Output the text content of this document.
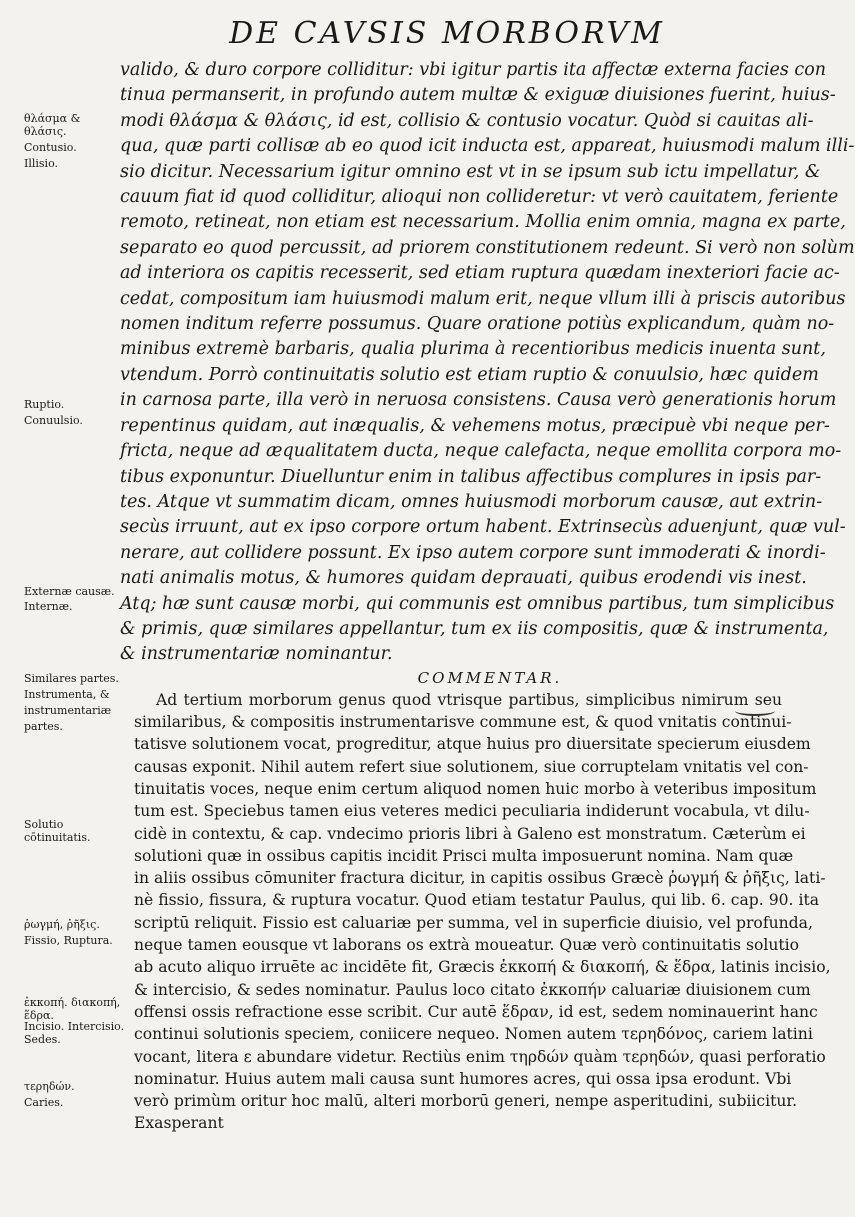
DE CAVSIS MORBORVM
θλάσμα & θλάσις.
Contusio.
Illisio.
Ruptio.
Conuulsio.
Externæ causæ.
Internæ.
Similares partes.
Instrumenta, &
instrumentariæ
partes.
Solutio cōtinuitatis.
ῥωγμή, ῥῆξις.
Fissio, Ruptura.
ἐκκοπή. διακοπή, ἕδρα.
Incisio. Intercisio. Sedes.
τερηδών.
Caries.
valido, & duro corpore colliditur: vbi igitur partis ita affectæ externa facies con
tinua permanserit, in profundo autem multæ & exiguæ diuisiones fuerint, huius-
modi θλάσμα & θλάσις, id est, collisio & contusio vocatur. Quòd si cauitas ali-
qua, quæ parti collisæ ab eo quod icit inducta est, appareat, huiusmodi malum illi-
sio dicitur. Necessarium igitur omnino est vt in se ipsum sub ictu impellatur, &
cauum fiat id quod colliditur, alioqui non collideretur: vt verò cauitatem, feriente
remoto, retineat, non etiam est necessarium. Mollia enim omnia, magna ex parte,
separato eo quod percussit, ad priorem constitutionem redeunt. Si verò non solùm
ad interiora os capitis recesserit, sed etiam ruptura quædam inexteriori facie ac-
cedat, compositum iam huiusmodi malum erit, neque vllum illi à priscis autoribus
nomen inditum referre possumus. Quare oratione potiùs explicandum, quàm no-
minibus extremè barbaris, qualia plurima à recentioribus medicis inuenta sunt,
vtendum. Porrò continuitatis solutio est etiam ruptio & conuulsio, hæc quidem
in carnosa parte, illa verò in neruosa consistens. Causa verò generationis horum
repentinus quidam, aut inæqualis, & vehemens motus, præcipuè vbi neque per-
fricta, neque ad æqualitatem ducta, neque calefacta, neque emollita corpora mo-
tibus exponuntur. Diuelluntur enim in talibus affectibus complures in ipsis par-
tes. Atque vt summatim dicam, omnes huiusmodi morborum causæ, aut extrin-
secùs irruunt, aut ex ipso corpore ortum habent. Extrinsecùs aduenjunt, quæ vul-
nerare, aut collidere possunt. Ex ipso autem corpore sunt immoderati & inordi-
nati animalis motus, & humores quidam deprauati, quibus erodendi vis inest.
Atq; hæ sunt causæ morbi, qui communis est omnibus partibus, tum simplicibus
& primis, quæ similares appellantur, tum ex iis compositis, quæ & instrumenta,
& instrumentariæ nominantur.
COMMENTAR.
Ad tertium morborum genus quod vtrisque partibus, simplicibus nimirum seu
similaribus, & compositis instrumentarisve commune est, & quod vnitatis continui-
tatisve solutionem vocat, progreditur, atque huius pro diuersitate specierum eiusdem
causas exponit. Nihil autem refert siue solutionem, siue corruptelam vnitatis vel con-
tinuitatis voces, neque enim certum aliquod nomen huic morbo à veteribus impositum
tum est. Speciebus tamen eius veteres medici peculiaria indiderunt vocabula, vt dilu-
cidè in contextu, & cap. vndecimo prioris libri à Galeno est monstratum. Cæterùm ei
solutioni quæ in ossibus capitis incidit Prisci multa imposuerunt nomina. Nam quæ
in aliis ossibus cōmuniter fractura dicitur, in capitis ossibus Græcè ῥωγμή & ῥῆξις, lati-
nè fissio, fissura, & ruptura vocatur. Quod etiam testatur Paulus, qui lib. 6. cap. 90. ita
scriptū reliquit. Fissio est caluariæ per summa, vel in superficie diuisio, vel profunda,
neque tamen eousque vt laborans os extrà moueatur. Quæ verò continuitatis solutio
ab acuto aliquo irruēte ac incidēte fit, Græcis ἐκκοπή & διακοπή, & ἕδρα, latinis incisio,
& intercisio, & sedes nominatur. Paulus loco citato ἐκκοπήν caluariæ diuisionem cum
offensi ossis refractione esse scribit. Cur autē ἕδραν, id est, sedem nominauerint hanc
continui solutionis speciem, coniicere nequeo. Nomen autem τερηδόνος, cariem latini
vocant, litera ε abundare videtur. Rectiùs enim τηρδών quàm τερηδών, quasi perforatio
nominatur. Huius autem mali causa sunt humores acres, qui ossa ipsa erodunt. Vbi
verò primùm oritur hoc malū, alteri morborū generi, nempe asperitudini, subiicitur.
Exasperant
